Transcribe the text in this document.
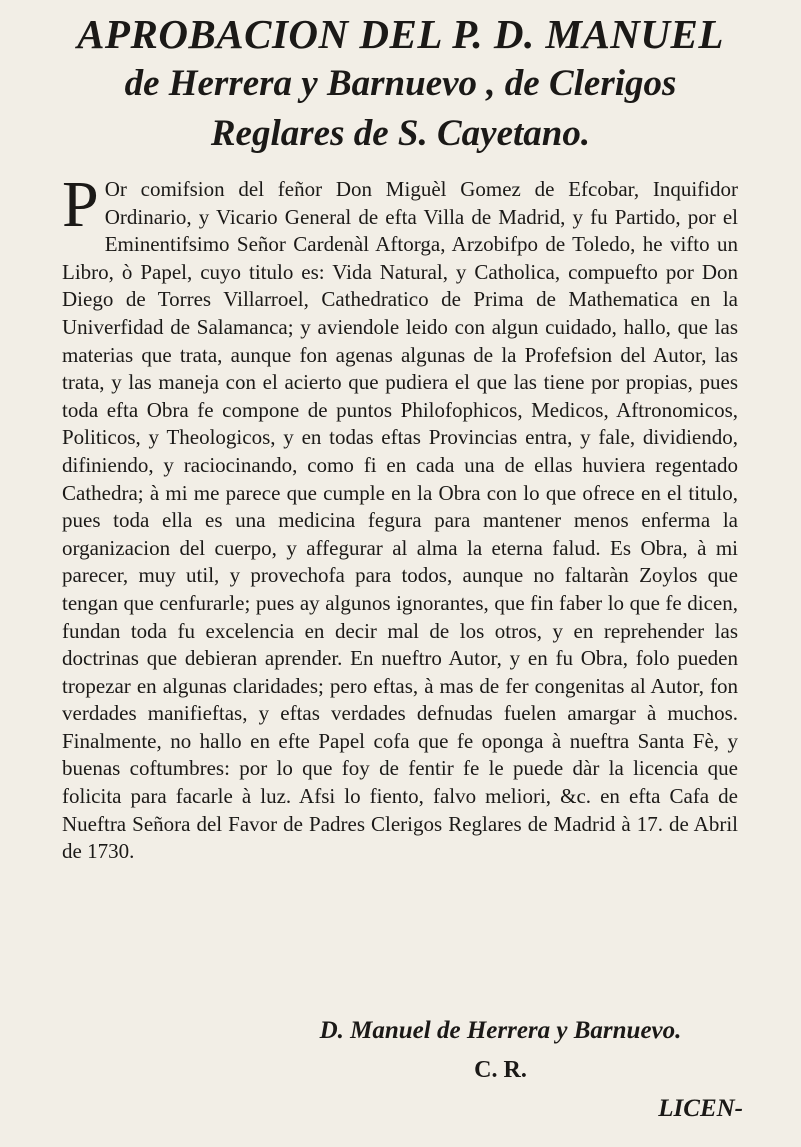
APROBACION DEL P. D. MANUEL
de Herrera y Barnuevo , de Clerigos
Reglares de S. Cayetano.

P Or comifsion del feñor Don Miguèl Gomez de Efcobar, Inquifidor Ordinario, y Vicario General de efta Villa de Madrid, y fu Partido, por el Eminentifsimo Señor Cardenàl Aftorga, Arzobifpo de Toledo, he vifto un Libro, ò Papel, cuyo titulo es: Vida Natural, y Catholica, compuefto por Don Diego de Torres Villarroel, Cathedratico de Prima de Mathematica en la Univerfidad de Salamanca; y aviendole leido con algun cuidado, hallo, que las materias que trata, aunque fon agenas algunas de la Profefsion del Autor, las trata, y las maneja con el acierto que pudiera el que las tiene por propias, pues toda efta Obra fe compone de puntos Philofophicos, Medicos, Aftronomicos, Politicos, y Theologicos, y en todas eftas Provincias entra, y fale, dividiendo, difiniendo, y raciocinando, como fi en cada una de ellas huviera regentado Cathedra; à mi me parece que cumple en la Obra con lo que ofrece en el titulo, pues toda ella es una medicina fegura para mantener menos enferma la organizacion del cuerpo, y affegurar al alma la eterna falud. Es Obra, à mi parecer, muy util, y provechofa para todos, aunque no faltaràn Zoylos que tengan que cenfurarle; pues ay algunos ignorantes, que fin faber lo que fe dicen, fundan toda fu excelencia en decir mal de los otros, y en reprehender las doctrinas que debieran aprender. En nueftro Autor, y en fu Obra, folo pueden tropezar en algunas claridades; pero eftas, à mas de fer congenitas al Autor, fon verdades manifieftas, y eftas verdades defnudas fuelen amargar à muchos. Finalmente, no hallo en efte Papel cofa que fe oponga à nueftra Santa Fè, y buenas coftumbres: por lo que foy de fentir fe le puede dàr la licencia que folicita para facarle à luz. Afsi lo fiento, falvo meliori, &c. en efta Cafa de Nueftra Señora del Favor de Padres Clerigos Reglares de Madrid à 17. de Abril de 1730.

D. Manuel de Herrera y Barnuevo.
C. R.
LICEN-
